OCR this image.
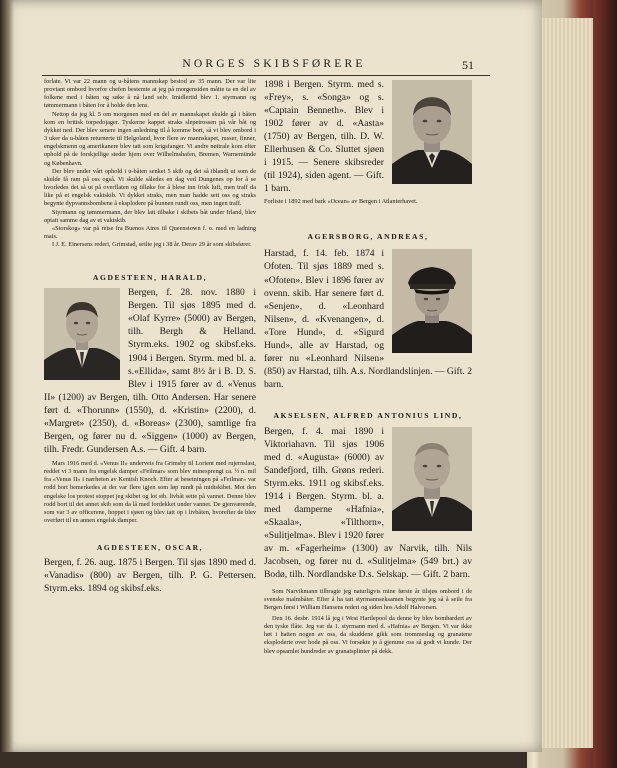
NORGES SKIBSFØRERE	51

forlate. Vi var 22 mann og u-båtens mannskap bestod av 35 mann. Der var lite proviant ombord hvorfor chefen bestemte at jeg på morgensiden måtte ta en del av folkene med i båten og søke å nå land selv. Imidlertid blev 1. styrmann og tømmermann i båten for å holde den lens.

Nettop da jeg kl. 5 om morgenen med en del av mannskapet skulde gå i båten kom en britisk torpedojager. Tyskerne kappet straks slepetrossen på vår båt og dykket ned. Der blev senere ingen anledning til å komme bort, så vi blev ombord i 3 uker da u-båten returnerte til Helgoland, hvor flere av mannskapet, russer, finner, engelskmenn og amerikanere blev tatt som krigsfanger. Vi andre nøitrale kom efter ophold på de forskjellige steder hjem over Wilhelmshafen, Bremen, Warnemünde og København.

Der blev under vårt ophold i u-båten senket 5 skib og det så iblandt ut som de skulde få ram på oss også. Vi skulde således en dag ved Dungenes op for å se hvorledes det så ut på overflaten og tilløke for å blese inn frisk luft, men traff da like på et engelsk vaktskib. Vi dykket straks, men man hadde sett oss og straks begynte dypvannsbombene å eksplodere på bunnen rundt oss, men ingen traff.

Styrmann og tømmermann, der blev latt tilbake i skibets båt under Irland, blev optatt samme dag av et vaktskib.

«Storskog» var på reise fra Buenos Aires til Queenstown f. o. med en ladning mais.

I J. E. Einersens rederi, Grimstad, seilte jeg i 38 år. Derav 29 år som skibsfører.

AGDESTEEN, HARALD,

Bergen, f. 28. nov. 1880 i Bergen. Til sjøs 1895 med d. «Olaf Kyrre» (5000) av Bergen, tilh. Bergh & Helland. Styrm.eks. 1902 og skibsf.eks. 1904 i Bergen. Styrm. med bl. a. s.«Ellida», samt 8½ år i B. D. S. Blev i 1915 fører av d. «Venus II» (1200) av Bergen, tilh. Otto Andersen. Har senere ført d. «Thorunn» (1550), d. «Kristin» (2200), d. «Margret» (2350), d. «Boreas» (2300), samtlige fra Bergen, og fører nu d. «Siggen» (1000) av Bergen, tilh. Fredr. Gundersen A.s. — Gift. 4 barn.

Mars 1916 med d. «Venus II» underveis fra Grimsby til Lorient med rujernslast, reddet vi 3 mann fra engelsk damper «Feilmar» som blev minesprengt ca. ½ n. mil fra «Venus II» i nærheten av Kentish Knoch. Efter at besetningen på «Feilmar» var rodd bort bemerkedes at der var flere igjen som løp rundt på midtskibet. Mot den engelske los protest stoppet jeg skibet og lot stb. livbåt sette på vannet. Denne blev rodd bort til det annet skib som da lå med fordekket under vannet. De gjenværende, som var 3 av officerene, hoppet i sjøen og blev tatt op i livbåten, hvorefter de blev overført til en annen engelsk damper.

AGDESTEEN, OSCAR,

Bergen, f. 26. aug. 1875 i Bergen. Til sjøs 1890 med d. «Vanadis» (800) av Bergen, tilh. P. G. Pettersen. Styrm.eks. 1894 og skibsf.eks.

1898 i Bergen. Styrm. med s. «Frey», s. «Songa» og s. «Captain Benneth». Blev i 1902 fører av d. «Aasta» (1750) av Bergen, tilh. D. W. Ellerhusen & Co. Sluttet sjøen i 1915. — Senere skibsreder (til 1924), siden agent. — Gift. 1 barn.

Forliste i 1892 med bark «Ocean» av Bergen i Atlanterhavet.

AGERSBORG, ANDREAS,

Harstad, f. 14. feb. 1874 i Ofoten. Til sjøs 1889 med s. «Ofoten». Blev i 1896 fører av ovenn. skib. Har senere ført d. «Senjen», d. «Leonhard Nilsen», d. «Kvenangen», d. «Tore Hund», d. «Sigurd Hund», alle av Harstad, og fører nu «Leonhard Nilsen» (850) av Harstad, tilh. A.s. Nordlandslinjen. — Gift. 2 barn.

AKSELSEN, ALFRED ANTONIUS LIND,

Bergen, f. 4. mai 1890 i Viktoriahavn. Til sjøs 1906 med d. «Augusta» (6000) av Sandefjord, tilh. Grøns rederi. Styrm.eks. 1911 og skibsf.eks. 1914 i Bergen. Styrm. bl. a. med damperne «Hafnia», «Skaala», «Tilthorn», «Sulitjelma». Blev i 1920 fører av m. «Fagerheim» (1300) av Narvik, tilh. Nils Jacobsen, og fører nu d. «Sulitjelma» (549 brt.) av Bodø, tilh. Nordlandske D.s. Selskap. — Gift. 2 barn.

Som Narvikmann tilbragte jeg naturligvis mine første år tilsjøs ombord i de svenske malmbåter. Efter å ha tatt styrmannseksamen begynte jeg så å seile fra Bergen først i William Hansens rederi og siden hos Adolf Halvorsen.

Den 16. desbr. 1914 lå jeg i West Hartlepool da denne by blev bombardert av den tyske flåte. Jeg var da 1. styrmann med d. «Hafnia» av Bergen. Vi var ikke høt i hatten nogen av oss, da skuddene gikk som trommeslag og granatene eksploderte over hode på oss. Vi forsøkte jo å gjemme oss så godt vi kunde. Der blev opsamlet hundreder av granatsplinter på dekk.
